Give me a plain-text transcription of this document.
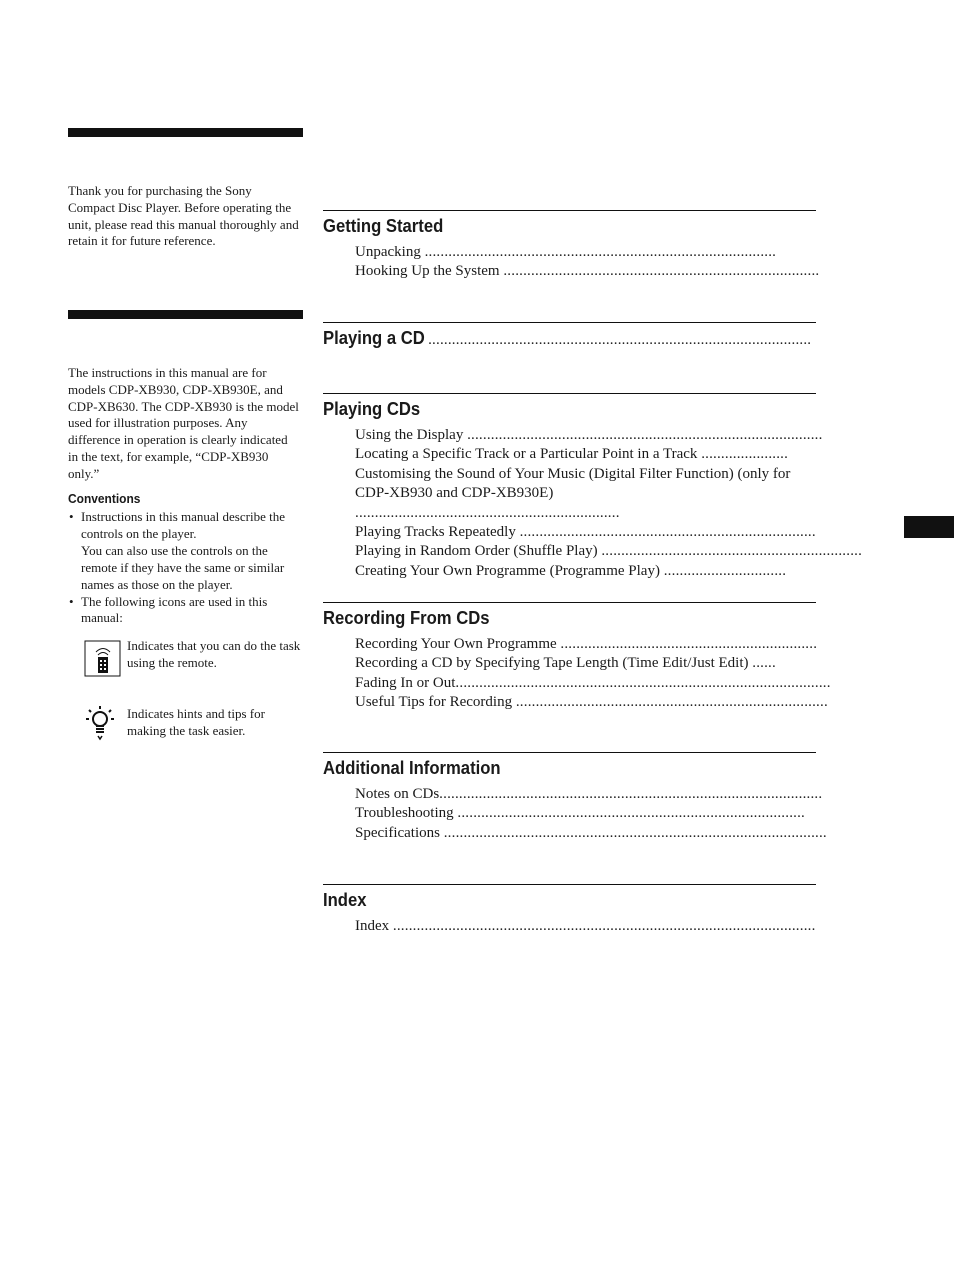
Thank you for purchasing the Sony Compact Disc Player. Before operating the unit, please read this manual thoroughly and retain it for future reference.

The instructions in this manual are for models CDP-XB930, CDP-XB930E, and CDP-XB630. The CDP-XB930 is the model used for illustration purposes. Any difference in operation is clearly indicated in the text, for example, “CDP-XB930 only.”

Conventions
• Instructions in this manual describe the controls on the player.
You can also use the controls on the remote if they have the same or similar names as those on the player.
• The following icons are used in this manual:
Indicates that you can do the task using the remote.
Indicates hints and tips for making the task easier.
Getting Started
Unpacking .........................................................................................
Hooking Up the System ................................................................................
Playing a CD .................................................................................................
Playing CDs
Using the Display ..........................................................................................
Locating a Specific Track or a Particular Point in a Track ......................
Customising the Sound of Your Music (Digital Filter Function) (only for CDP-XB930 and CDP-XB930E) ...................................................................
Playing Tracks Repeatedly ...........................................................................
Playing in Random Order (Shuffle Play) ..................................................................
Creating Your Own Programme (Programme Play) ...............................
Recording From CDs
Recording Your Own Programme .................................................................
Recording a CD by Specifying Tape Length (Time Edit/Just Edit) ......
Fading In or Out...............................................................................................
Useful Tips for Recording ...............................................................................
Additional Information
Notes on CDs.................................................................................................
Troubleshooting ........................................................................................
Specifications .................................................................................................
Index
Index ...........................................................................................................
